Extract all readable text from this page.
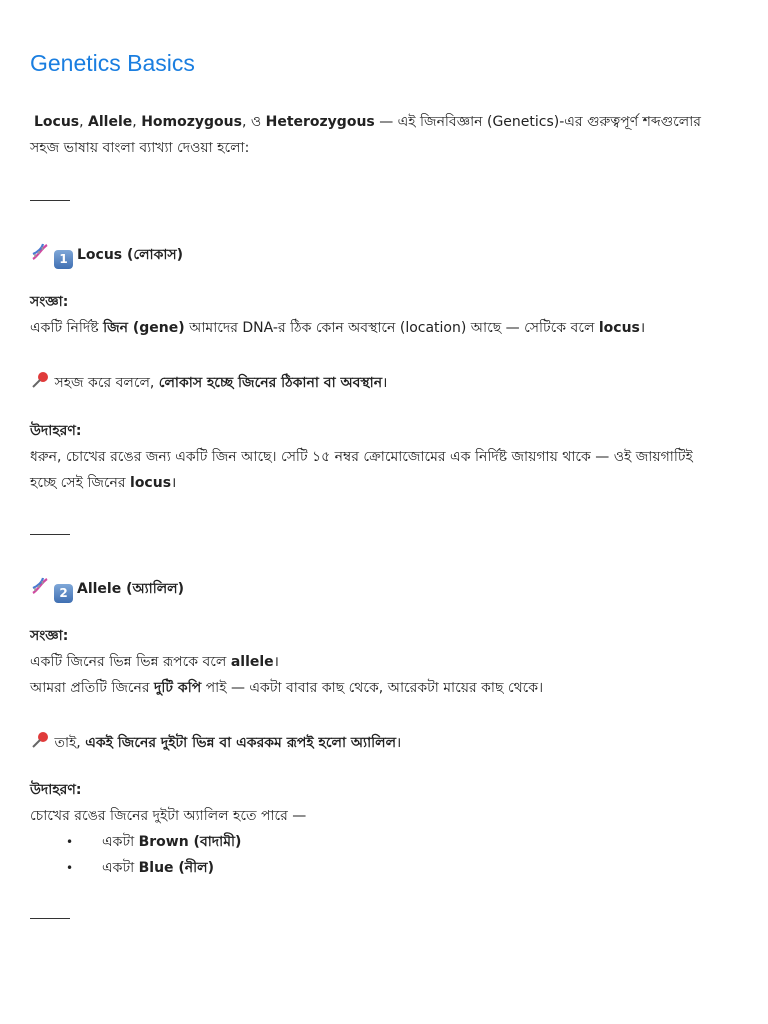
Genetics Basics
Locus, Allele, Homozygous, ও Heterozygous — এই জিনবিজ্ঞান (Genetics)-এর গুরুত্বপূর্ণ শব্দগুলোর
সহজ ভাষায় বাংলা ব্যাখ্যা দেওয়া হলো:
1 Locus (লোকাস)
সংজ্ঞা:
একটি নির্দিষ্ট জিন (gene) আমাদের DNA-র ঠিক কোন অবস্থানে (location) আছে — সেটিকে বলে locus।
সহজ করে বললে, লোকাস হচ্ছে জিনের ঠিকানা বা অবস্থান।
উদাহরণ:
ধরুন, চোখের রঙের জন্য একটি জিন আছে। সেটি ১৫ নম্বর ক্রোমোজোমের এক নির্দিষ্ট জায়গায় থাকে — ওই জায়গাটিই
হচ্ছে সেই জিনের locus।
2 Allele (অ্যালিল)
সংজ্ঞা:
একটি জিনের ভিন্ন ভিন্ন রূপকে বলে allele।
আমরা প্রতিটি জিনের দুটি কপি পাই — একটা বাবার কাছ থেকে, আরেকটা মায়ের কাছ থেকে।
তাই, একই জিনের দুইটা ভিন্ন বা একরকম রূপই হলো অ্যালিল।
উদাহরণ:
চোখের রঙের জিনের দুইটা অ্যালিল হতে পারে —
• একটা Brown (বাদামী)
• একটা Blue (নীল)
